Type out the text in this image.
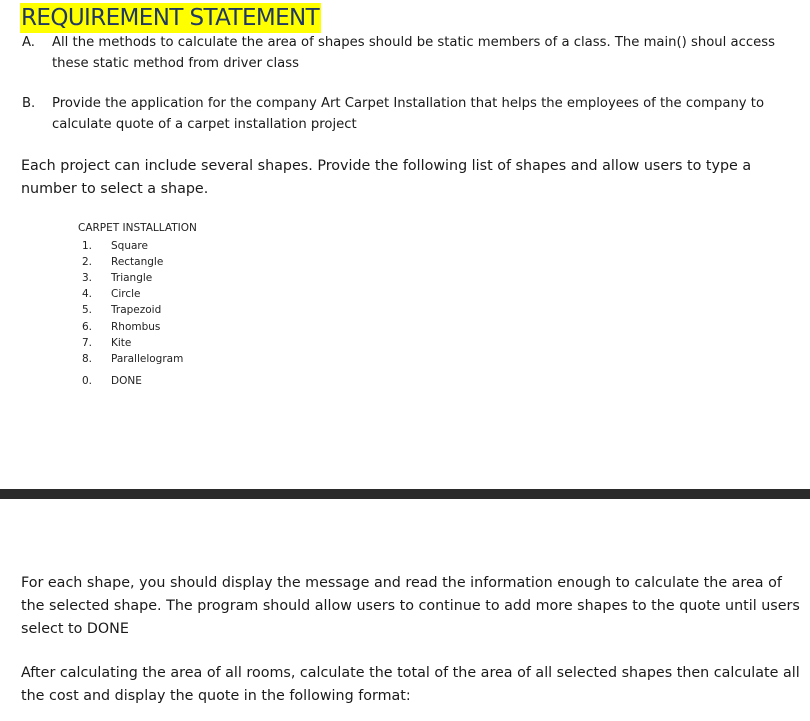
REQUIREMENT STATEMENT
A. All the methods to calculate the area of shapes should be static members of a class. The main() shoul access these static method from driver class
B. Provide the application for the company Art Carpet Installation that helps the employees of the company to calculate quote of a carpet installation project
Each project can include several shapes. Provide the following list of shapes and allow users to type a number to select a shape.
CARPET INSTALLATION
1. Square
2. Rectangle
3. Triangle
4. Circle
5. Trapezoid
6. Rhombus
7. Kite
8. Parallelogram
0. DONE
For each shape, you should display the message and read the information enough to calculate the area of the selected shape. The program should allow users to continue to add more shapes to the quote until users select to DONE
After calculating the area of all rooms, calculate the total of the area of all selected shapes then calculate all the cost and display the quote in the following format:
